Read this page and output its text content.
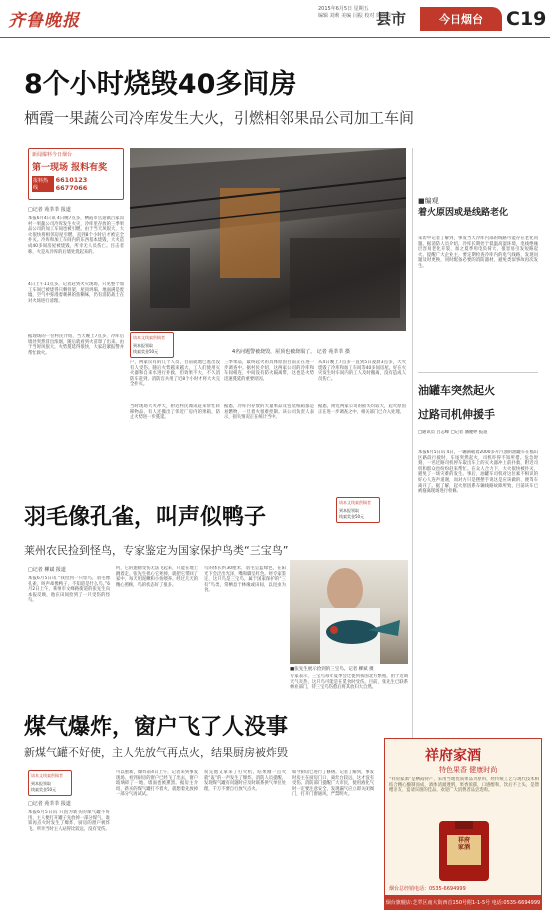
齐鲁晚报
2015年6月5日 星期五
编辑 刘莉 美编 闫振 校对 徐晓霞
县市	今日烟台	C19
8个小时烧毁40多间房
栖霞一果蔬公司冷库发生大火，引燃相邻果品公司加工车间
新闻爆料今日烟台
第一现场 报料有奖
报料热线
6610123 6677066
□记者 苑莘莘 报道
本报6月4日讯 4日晚7点多，栖霞市官道镇吕家沟村一果蔬公司冷库发生火灾，冷库里存放的三季果品公司的加工车间也被引燃。由于当天风很大，大火很快将相邻房屋引燃，直到8个小时后才被完全扑灭。冷库和加工车间内的东西基本烧毁，大火造成40多间房屋被烧毁，所幸无人员伤亡。目击者称，火是从冷库的后墙处烧起来的。
4日上午11点多，记者赶到火灾现场，只见整个加工车间已被烧得只剩骨架，屋顶坍塌，地面满是废墟，空气中弥漫着刺鼻的焦糊味，仍有消防战士在对火场进行清理。
据现场的一位村民介绍，当天晚上7点多，冷库后墙处突然冒出浓烟，随后就看到火苗窜了出来。由于当时风很大，火势蔓延得很快，大家赶紧报警并帮忙救火。
请本文线索供稿者
到本报领取
线索奖金50元	4名问题警被烧毁，屋顶也被烧塌了。 记者 苑莘莘 摄
户，两家仅有的几个人员，目前就地已逃出没有人受伤。随后火势越来越大，工人们使用灭火器和自来水进行扑救，但效果不大，不久消防车赶到，消防官兵用了近8个小时才将大火完全扑灭。
当时现场大火冲天，附近村民闻讯赶来帮忙转移物品，有人还搬出了邻近厂房内的果箱，防止火势进一步蔓延。
三季果品，最终起火的具体原因目前正在进一步调查中。据村民介绍，这两家公司的冷库和车间相连，中间没有防火隔离带，这也是火势迅速蔓延的重要原因。
据悉，冷库内存放的大量果品及包装纸箱都是易燃物，一旦着火很难控制。该公司负责人表示，损失情况正在统计当中。
从4日晚上7点多一直到5日凌晨3点多，大火烧毁了冷库和加工车间等40多间房屋。好在火灾发生时车间内的工人及时撤离，没有造成人员伤亡。
据悉，附近两家公司的损失均较大，起火原因正在进一步调查之中，相关部门已介入处理。
■编观
着火原因或是线路老化
采访中记者了解到，事发当天冷库内部的线路可能存在老化问题。据消防人员介绍，冷库长期处于低温高湿环境，电线绝缘层容易老化开裂，加之夏季用电负荷大，很容易引发短路起火。提醒广大企业主，要定期检查冷库内的电气线路，发现问题及时更换，同时配备必要的消防器材，避免类似事故再次发生。
油罐车突然起火
过路司机伸援手
□通讯员 吕志峰 □记者 潘娅婷 报道
本报6月5日讯 4日，一辆满载着2000多升汽油的油罐车在福山区路段行驶时，车尾突然起火，司机吓得不知所措。危急时刻，一名过路司机停车取出车上的灭火器冲上前扑救，附近司机和群众也纷纷赶来帮忙。在众人合力下，大火很快被扑灭，避免了一场灾难的发生。事后，油罐车司机对这位素不相识的好心人连声道谢，而对方只是摆摆手说这是应该做的，便驾车离开了。据了解，起火原因系车辆线路故障所致，目前该车已被拖离现场进行检修。
羽毛像孔雀，叫声似鸭子
请本文线索供稿者
到本报领取
线索奖金50元
莱州农民捡到怪鸟，专家鉴定为国家保护鸟类“三宝鸟”
□记者 柳斌 报道
本报6月5日讯 “我捡到一只怪鸟，羽毛像孔雀，叫声却像鸭子，不知道是什么鸟。”6月2日上午，莱州市文峰路街道的张先生向本报反映，他在田间捡到了一只受伤的怪鸟。
何，它的翅膀受伤无法飞起来，只能在地上跳着走。张先生担心它死掉，就把它带回了家中，每天用泥鳅和小鱼喂养。经过几天的精心照顾，鸟的状态好了很多。
鸟的体长约30厘米，羽毛呈蓝绿色，在阳光下会泛出光泽，嘴和脚呈红色。经专家鉴定，这只鸟是三宝鸟，属于国家保护的“三有”鸟类，常栖息于林缘或田间，以昆虫为食。
■张先生展示捡到的三宝鸟。记者 柳斌 摄
专家表示，三宝鸟每年夏季会迁徙到我国北方繁殖，由于近期天气炎热，这只鸟可能是在觅食时受伤。目前，张先生已联系林业部门，待三宝鸟伤愈后将其放归大自然。
煤气爆炸，窗户飞了人没事
新煤气罐不好使，主人先放气再点火，结果厨房被炸毁
请本文线索供稿者
到本报领取
线索奖金50元
□记者 苑莘莘 报道
本报6月5日讯 只因为新买的煤气罐不好用，主人便打开罐子先放掉一部分煤气，谁知再点火时发生了爆炸，厨房的窗户被炸飞。所幸当时主人站得比较远，没有受伤。
可以重新，爆炸前4日上午，记者来到事发现场，看到厨房的窗户已经飞了出去，窗户玻璃碎了一地，墙面也被熏黑。据房主介绍，新买的煤气罐打不着火，就想着先放掉一部分气再试试。
说完他又拿来了打火机，结果刚一点火就“轰”的一声发生了爆炸。消防人员提醒，发现煤气罐有问题时应及时联系供气单位处理，千万不要自行放气点火。
如今厨房已进行了修缮。记者了解到，事发时房主在厨房门口，离灶台较远，这才没有受伤。消防部门提醒广大市民，使用液化气时一定要注意安全，发现漏气应立即关闭阀门，打开门窗通风，严禁明火。
祥府家酒
特色果香 健康时尚
“祥府家酒”是栖霞特产，采用当地优质果品为原料，经传统工艺与现代技术相结合精心酿制而成，酒体清澈透明，果香浓郁，口感醇和，饮后不上头，是馈赠亲友、宴请宾朋的佳品。欢迎广大消费者品尝选购。
祥府
家酒
烟台总经销电话：0535-6694999
烟台旗舰店:芝罘区南大街西首150号附1-1-5号 电话:0535-6694999
